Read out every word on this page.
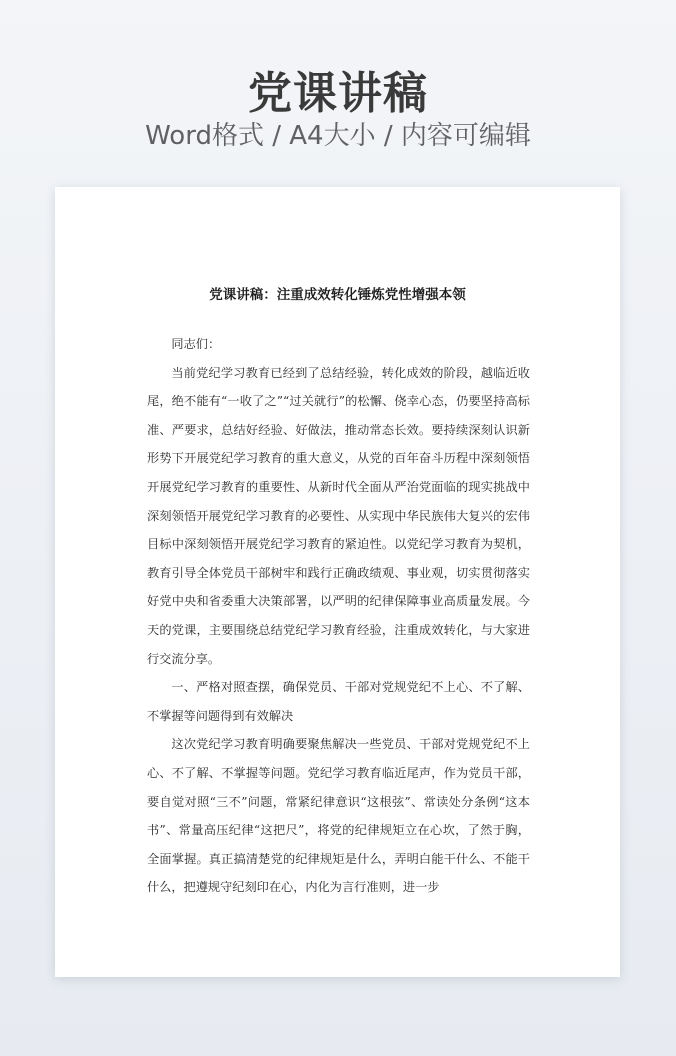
党课讲稿
Word格式 / A4大小 / 内容可编辑
党课讲稿：注重成效转化锤炼党性增强本领

同志们：

当前党纪学习教育已经到了总结经验，转化成效的阶段，越临近收尾，绝不能有“一收了之”“过关就行”的松懈、侥幸心态，仍要坚持高标准、严要求，总结好经验、好做法，推动常态长效。要持续深刻认识新形势下开展党纪学习教育的重大意义，从党的百年奋斗历程中深刻领悟开展党纪学习教育的重要性、从新时代全面从严治党面临的现实挑战中深刻领悟开展党纪学习教育的必要性、从实现中华民族伟大复兴的宏伟目标中深刻领悟开展党纪学习教育的紧迫性。以党纪学习教育为契机，教育引导全体党员干部树牢和践行正确政绩观、事业观，切实贯彻落实好党中央和省委重大决策部署，以严明的纪律保障事业高质量发展。今天的党课，主要围绕总结党纪学习教育经验，注重成效转化，与大家进行交流分享。

一、严格对照查摆，确保党员、干部对党规党纪不上心、不了解、不掌握等问题得到有效解决

这次党纪学习教育明确要聚焦解决一些党员、干部对党规党纪不上心、不了解、不掌握等问题。党纪学习教育临近尾声，作为党员干部，要自觉对照“三不”问题，常紧纪律意识“这根弦”、常读处分条例“这本书”、常量高压纪律“这把尺”，将党的纪律规矩立在心坎，了然于胸，全面掌握。真正搞清楚党的纪律规矩是什么，弄明白能干什么、不能干什么，把遵规守纪刻印在心，内化为言行准则，进一步
